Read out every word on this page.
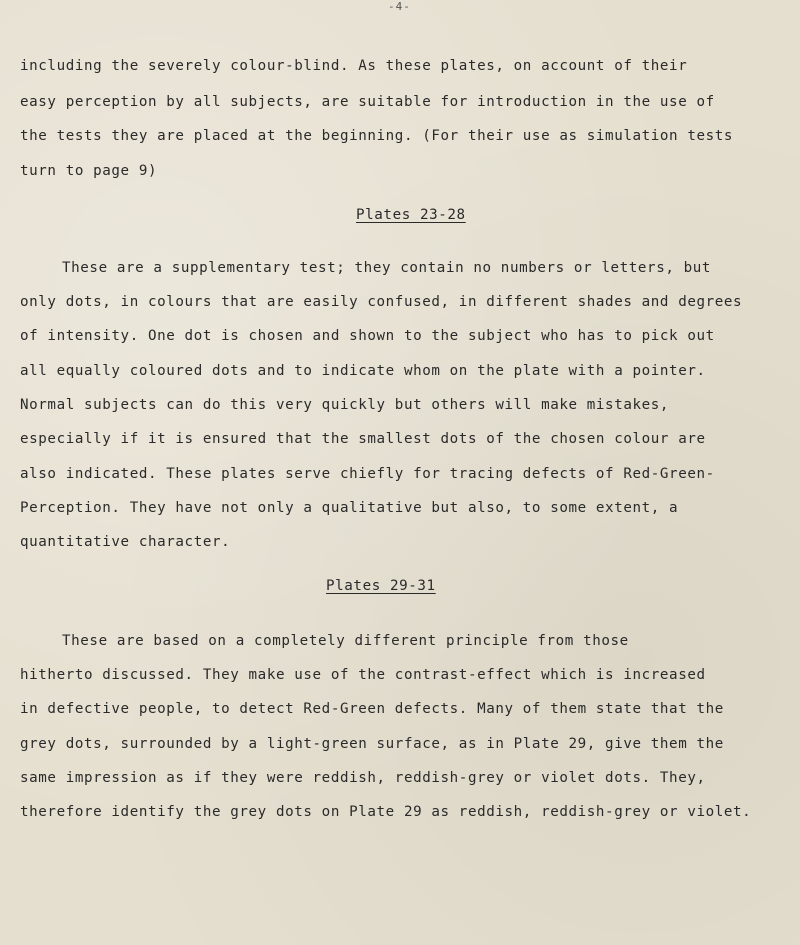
-4-
including the severely colour-blind. As these plates, on account of their
easy perception by all subjects, are suitable for introduction in the use of
the tests they are placed at the beginning. (For their use as simulation tests
turn to page 9)
Plates 23-28
These are a supplementary test; they contain no numbers or letters, but
only dots, in colours that are easily confused, in different shades and degrees
of intensity. One dot is chosen and shown to the subject who has to pick out
all equally coloured dots and to indicate whom on the plate with a pointer.
Normal subjects can do this very quickly but others will make mistakes,
especially if it is ensured that the smallest dots of the chosen colour are
also indicated. These plates serve chiefly for tracing defects of Red-Green-
Perception. They have not only a qualitative but also, to some extent, a
quantitative character.
Plates 29-31
These are based on a completely different principle from those
hitherto discussed. They make use of the contrast-effect which is increased
in defective people, to detect Red-Green defects. Many of them state that the
grey dots, surrounded by a light-green surface, as in Plate 29, give them the
same impression as if they were reddish, reddish-grey or violet dots. They,
therefore identify the grey dots on Plate 29 as reddish, reddish-grey or violet.
